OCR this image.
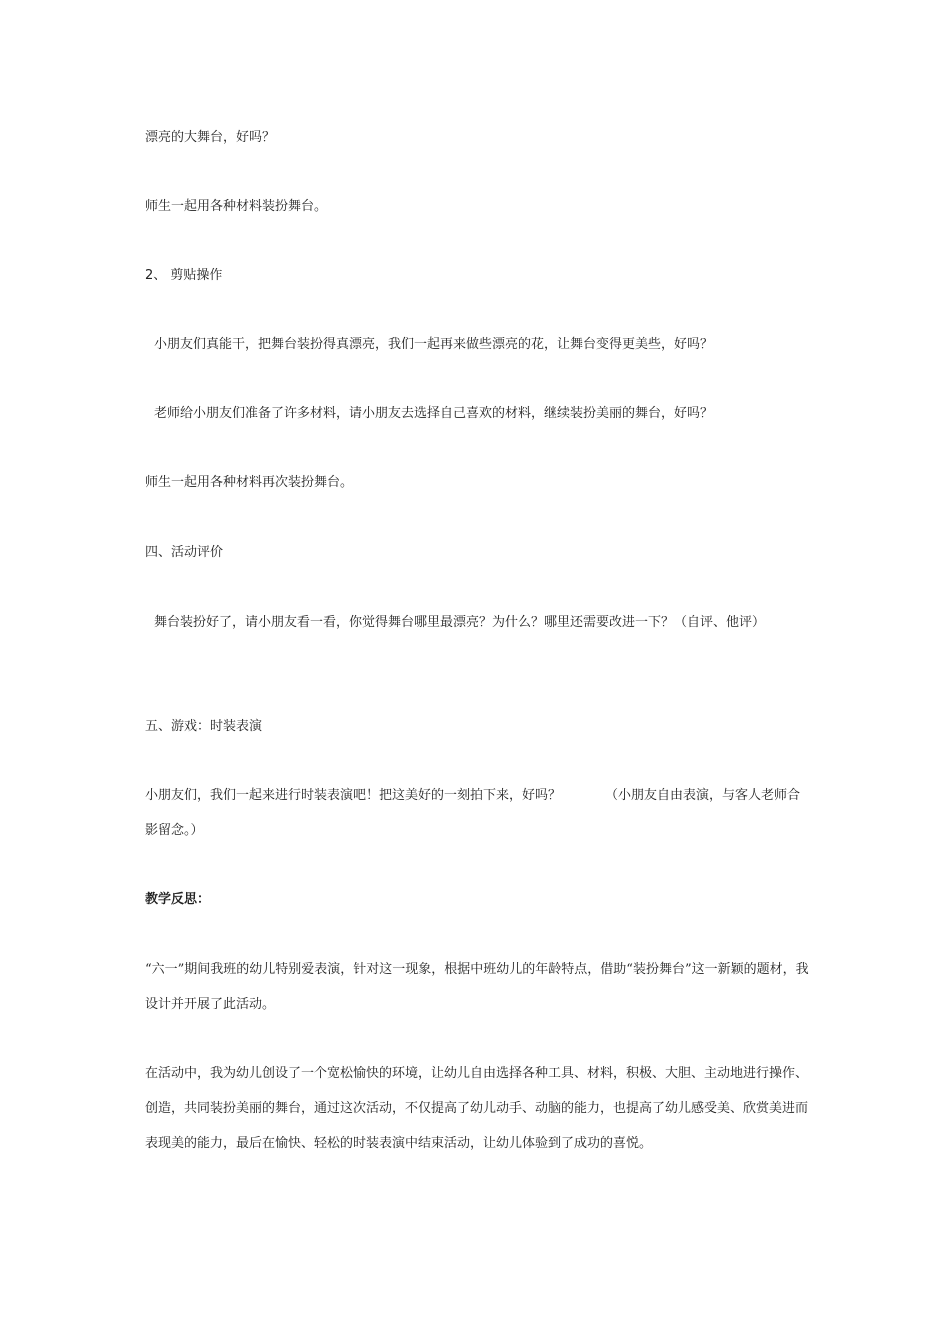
漂亮的大舞台，好吗？

师生一起用各种材料装扮舞台。

2、 剪贴操作

小朋友们真能干，把舞台装扮得真漂亮，我们一起再来做些漂亮的花，让舞台变得更美些，好吗？

老师给小朋友们准备了许多材料，请小朋友去选择自己喜欢的材料，继续装扮美丽的舞台，好吗？

师生一起用各种材料再次装扮舞台。

四、活动评价

舞台装扮好了，请小朋友看一看，你觉得舞台哪里最漂亮？为什么？哪里还需要改进一下？（自评、他评）

五、游戏：时装表演

小朋友们，我们一起来进行时装表演吧！把这美好的一刻拍下来，好吗？	（小朋友自由表演，与客人老师合影留念。）

教学反思：

“六一”期间我班的幼儿特别爱表演，针对这一现象，根据中班幼儿的年龄特点，借助“装扮舞台”这一新颖的题材，我设计并开展了此活动。

在活动中，我为幼儿创设了一个宽松愉快的环境，让幼儿自由选择各种工具、材料，积极、大胆、主动地进行操作、创造，共同装扮美丽的舞台，通过这次活动，不仅提高了幼儿动手、动脑的能力，也提高了幼儿感受美、欣赏美进而表现美的能力，最后在愉快、轻松的时装表演中结束活动，让幼儿体验到了成功的喜悦。
